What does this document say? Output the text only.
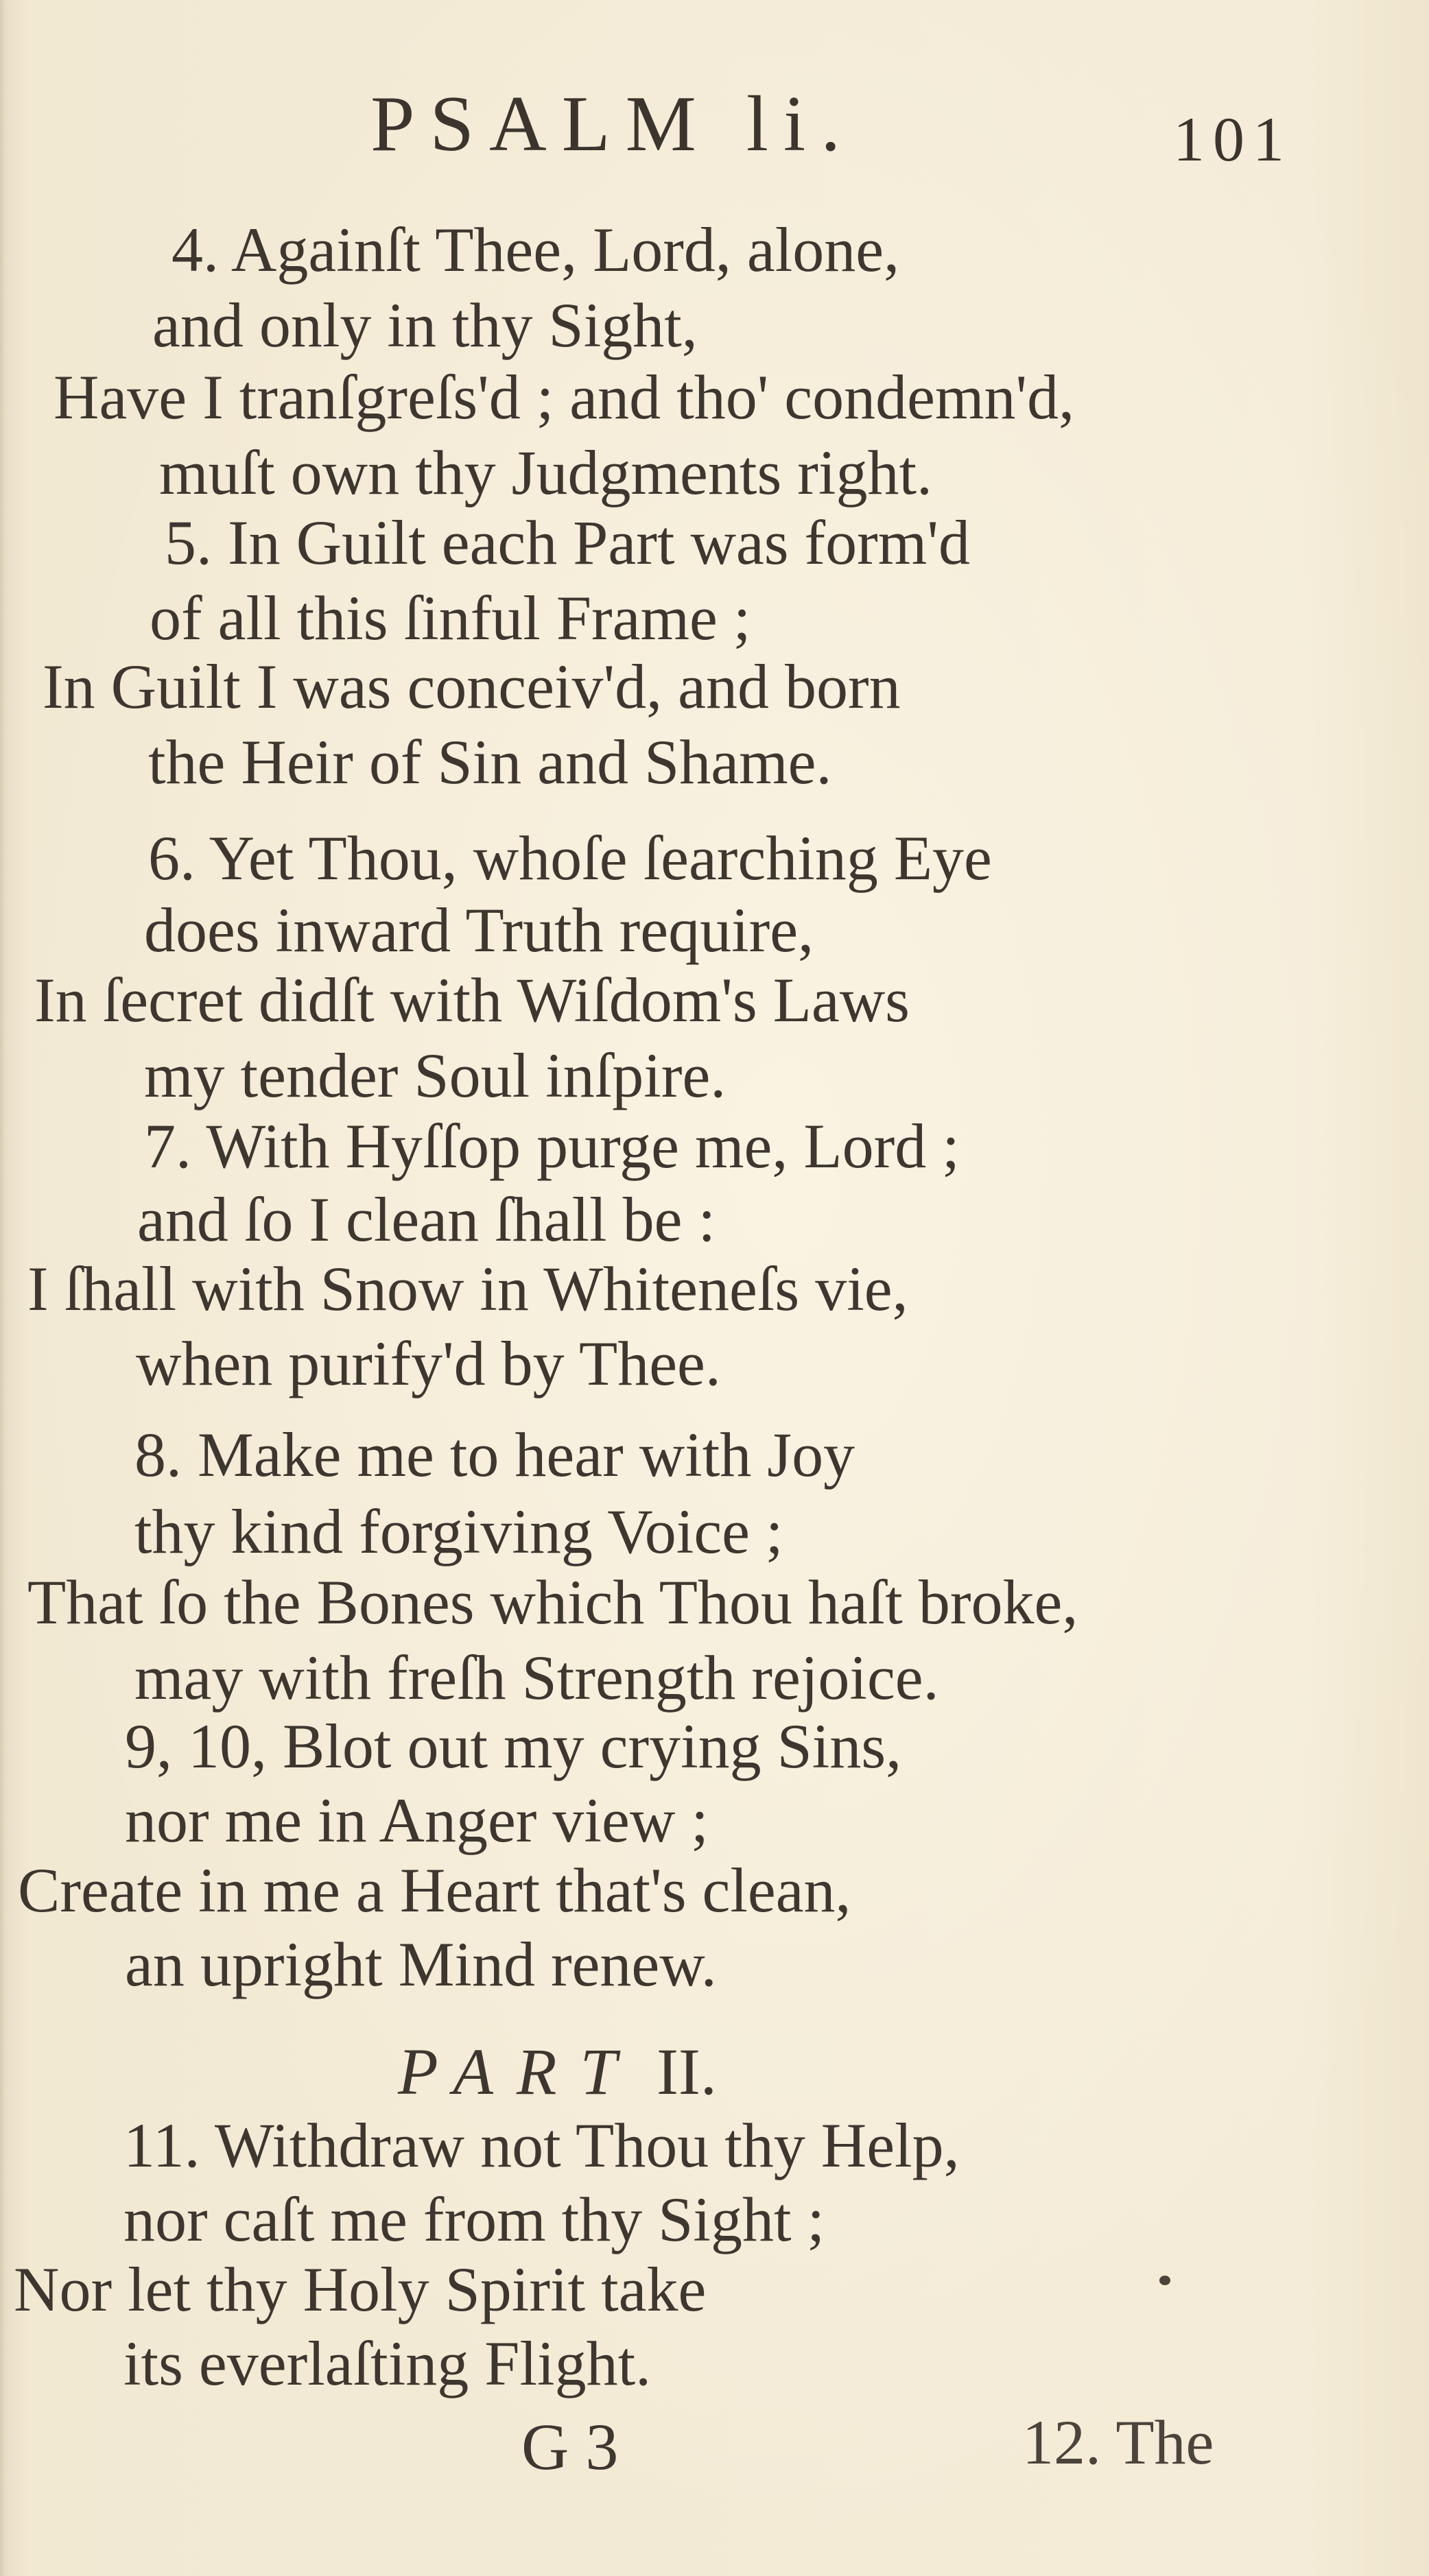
PSALM li.	101
4. Againſt Thee, Lord, alone,
and only in thy Sight,
Have I tranſgreſs'd ; and tho' condemn'd,
muſt own thy Judgments right.
5. In Guilt each Part was form'd
of all this ſinful Frame ;
In Guilt I was conceiv'd, and born
the Heir of Sin and Shame.
6. Yet Thou, whoſe ſearching Eye
does inward Truth require,
In ſecret didſt with Wiſdom's Laws
my tender Soul inſpire.
7. With Hyſſop purge me, Lord ;
and ſo I clean ſhall be :
I ſhall with Snow in Whiteneſs vie,
when purify'd by Thee.
8. Make me to hear with Joy
thy kind forgiving Voice ;
That ſo the Bones which Thou haſt broke,
may with freſh Strength rejoice.
9, 10, Blot out my crying Sins,
nor me in Anger view ;
Create in me a Heart that's clean,
an upright Mind renew.
PART II.
11. Withdraw not Thou thy Help,
nor caſt me from thy Sight ;
Nor let thy Holy Spirit take
its everlaſting Flight.
G 3	12. The
